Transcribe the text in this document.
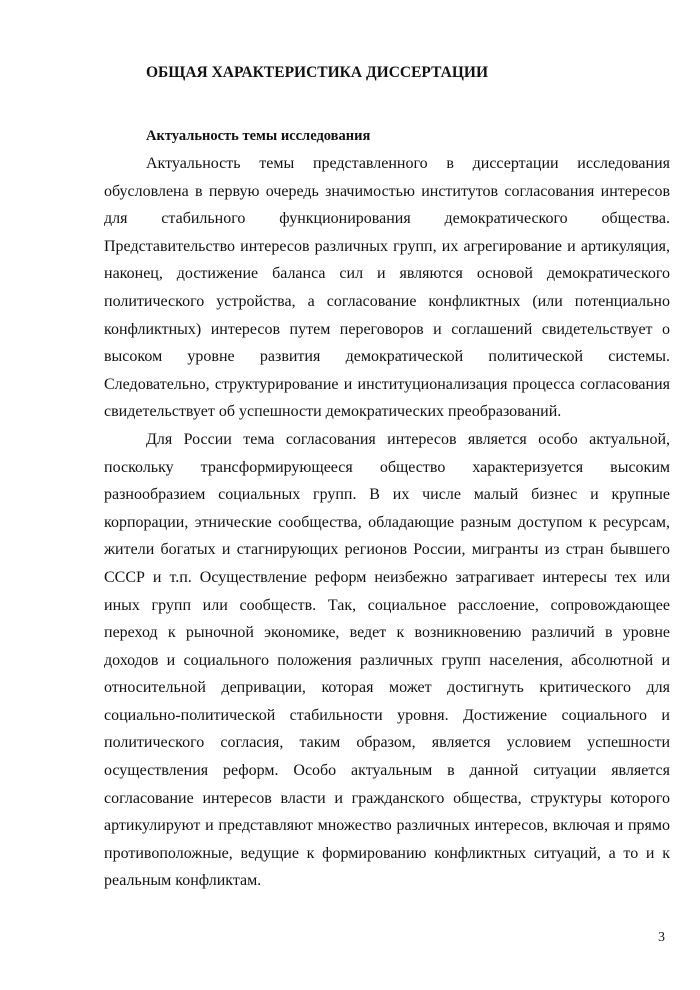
ОБЩАЯ ХАРАКТЕРИСТИКА ДИССЕРТАЦИИ
Актуальность темы исследования

Актуальность темы представленного в диссертации исследования обусловлена в первую очередь значимостью институтов согласования интересов для стабильного функционирования демократического общества. Представительство интересов различных групп, их агрегирование и артикуляция, наконец, достижение баланса сил и являются основой демократического политического устройства, а согласование конфликтных (или потенциально конфликтных) интересов путем переговоров и соглашений свидетельствует о высоком уровне развития демократической политической системы. Следовательно, структурирование и институционализация процесса согласования свидетельствует об успешности демократических преобразований.

Для России тема согласования интересов является особо актуальной, поскольку трансформирующееся общество характеризуется высоким разнообразием социальных групп. В их числе малый бизнес и крупные корпорации, этнические сообщества, обладающие разным доступом к ресурсам, жители богатых и стагнирующих регионов России, мигранты из стран бывшего СССР и т.п. Осуществление реформ неизбежно затрагивает интересы тех или иных групп или сообществ. Так, социальное расслоение, сопровождающее переход к рыночной экономике, ведет к возникновению различий в уровне доходов и социального положения различных групп населения, абсолютной и относительной депривации, которая может достигнуть критического для социально-политической стабильности уровня. Достижение социального и политического согласия, таким образом, является условием успешности осуществления реформ. Особо актуальным в данной ситуации является согласование интересов власти и гражданского общества, структуры которого артикулируют и представляют множество различных интересов, включая и прямо противоположные, ведущие к формированию конфликтных ситуаций, а то и к реальным конфликтам.

3
